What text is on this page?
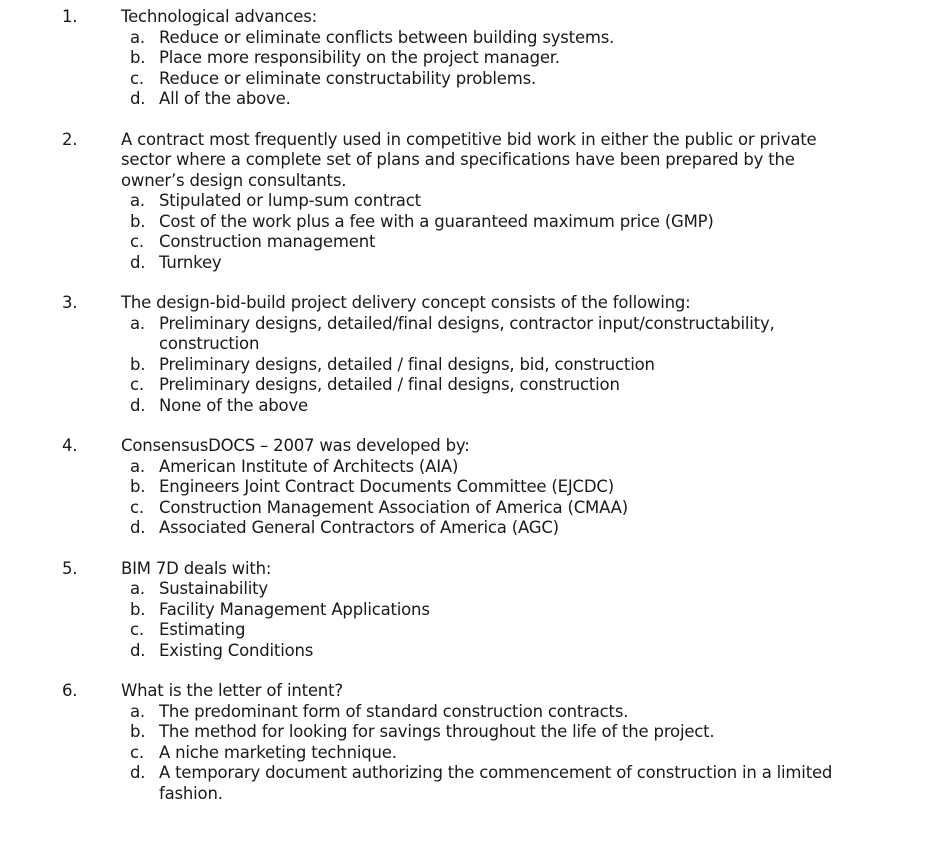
1.	Technological advances:
a. Reduce or eliminate conflicts between building systems.
b. Place more responsibility on the project manager.
c. Reduce or eliminate constructability problems.
d. All of the above.
2.	A contract most frequently used in competitive bid work in either the public or private sector where a complete set of plans and specifications have been prepared by the owner’s design consultants.
a. Stipulated or lump-sum contract
b. Cost of the work plus a fee with a guaranteed maximum price (GMP)
c. Construction management
d. Turnkey
3.	The design-bid-build project delivery concept consists of the following:
a. Preliminary designs, detailed/final designs, contractor input/constructability, construction
b. Preliminary designs, detailed / final designs, bid, construction
c. Preliminary designs, detailed / final designs, construction
d. None of the above
4.	ConsensusDOCS – 2007 was developed by:
a. American Institute of Architects (AIA)
b. Engineers Joint Contract Documents Committee (EJCDC)
c. Construction Management Association of America (CMAA)
d. Associated General Contractors of America (AGC)
5.	BIM 7D deals with:
a. Sustainability
b. Facility Management Applications
c. Estimating
d. Existing Conditions
6.	What is the letter of intent?
a. The predominant form of standard construction contracts.
b. The method for looking for savings throughout the life of the project.
c. A niche marketing technique.
d. A temporary document authorizing the commencement of construction in a limited fashion.
